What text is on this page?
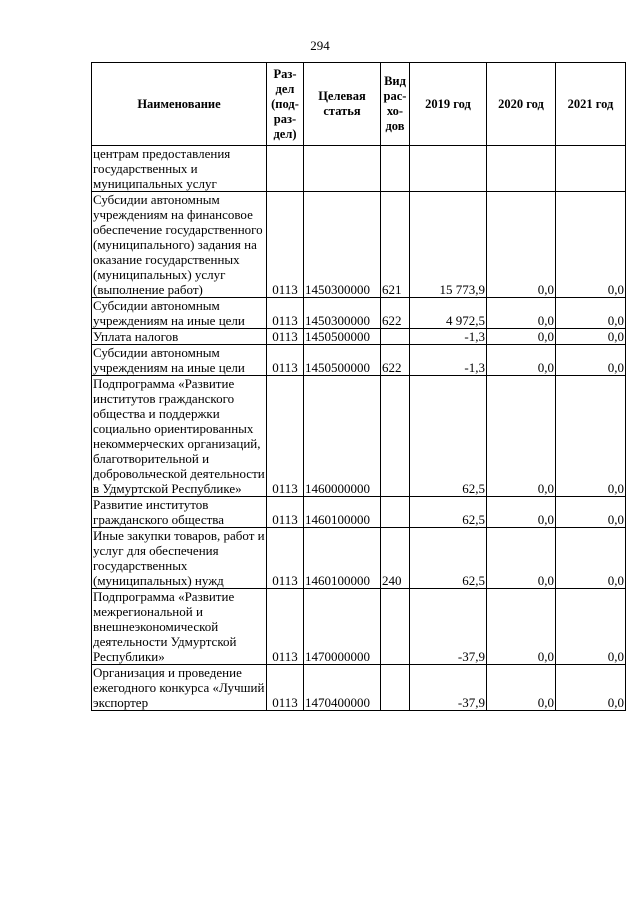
294
Наименование	Раз-
дел
(под-
раз-
дел)	Целевая
статья	Вид
рас-
хо-
дов	2019 год	2020 год	2021 год
центрам предоставления государственных и муниципальных услуг						
Субсидии автономным учреждениям на финансовое обеспечение государственного (муниципального) задания на оказание государственных (муниципальных) услуг (выполнение работ)	0113	1450300000	621	15 773,9	0,0	0,0
Субсидии автономным учреждениям на иные цели	0113	1450300000	622	4 972,5	0,0	0,0
Уплата налогов	0113	1450500000		-1,3	0,0	0,0
Субсидии автономным учреждениям на иные цели	0113	1450500000	622	-1,3	0,0	0,0
Подпрограмма «Развитие институтов гражданского общества и поддержки социально ориентированных некоммерческих организаций, благотворительной и добровольческой деятельности в Удмуртской Республике»	0113	1460000000		62,5	0,0	0,0
Развитие институтов гражданского общества	0113	1460100000		62,5	0,0	0,0
Иные закупки товаров, работ и услуг для обеспечения государственных (муниципальных) нужд	0113	1460100000	240	62,5	0,0	0,0
Подпрограмма «Развитие межрегиональной и внешнеэкономической деятельности Удмуртской Республики»	0113	1470000000		-37,9	0,0	0,0
Организация и проведение ежегодного конкурса «Лучший экспортер	0113	1470400000		-37,9	0,0	0,0
